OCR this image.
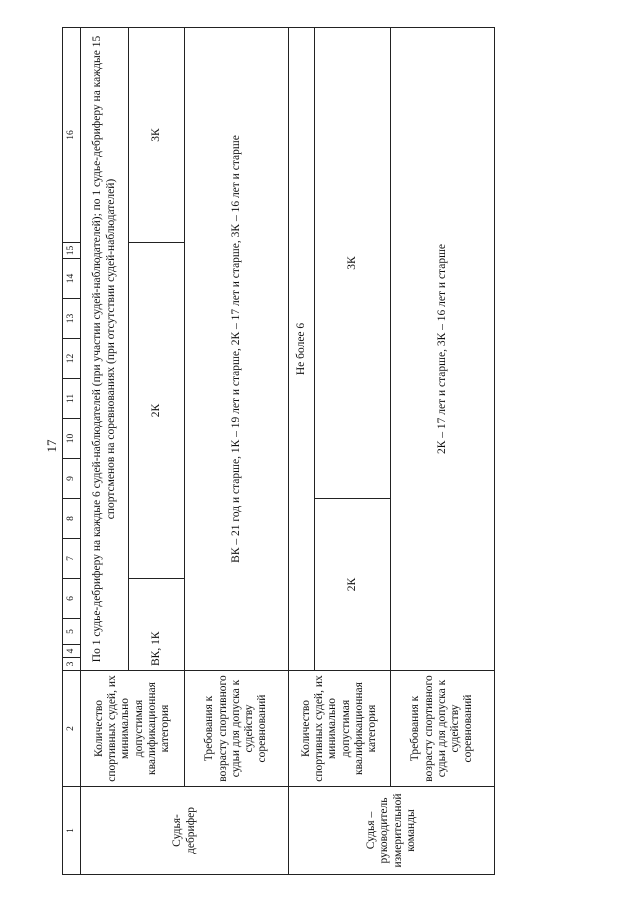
17
1	2	3	4	5	6	7	8	9	10	11	12	13	14	15	16
Судья-дебрифер	Количество спортивных судей, их минимально допустимая квалификационная категория	По 1 судье-дебриферу на каждые 6 судей-наблюдателей (при участии судей-наблюдателей); по 1 судье-дебриферу на каждые 15 спортсменов на соревнованиях (при отсутствии судей-наблюдателей)													
		ВК, 1К				2К									3К
	Требования к возрасту спортивного судьи для допуска к судейству соревнований	ВК – 21 год и старше, 1К – 19 лет и старше, 2К – 17 лет и старше, 3К – 16 лет и старше													
Судья – руководитель измерительной команды	Количество спортивных судей, их минимально допустимая квалификационная категория	Не более 6													
		2К						3К							
	Требования к возрасту спортивного судьи для допуска к судейству соревнований	2К – 17 лет и старше, 3К – 16 лет и старше													
